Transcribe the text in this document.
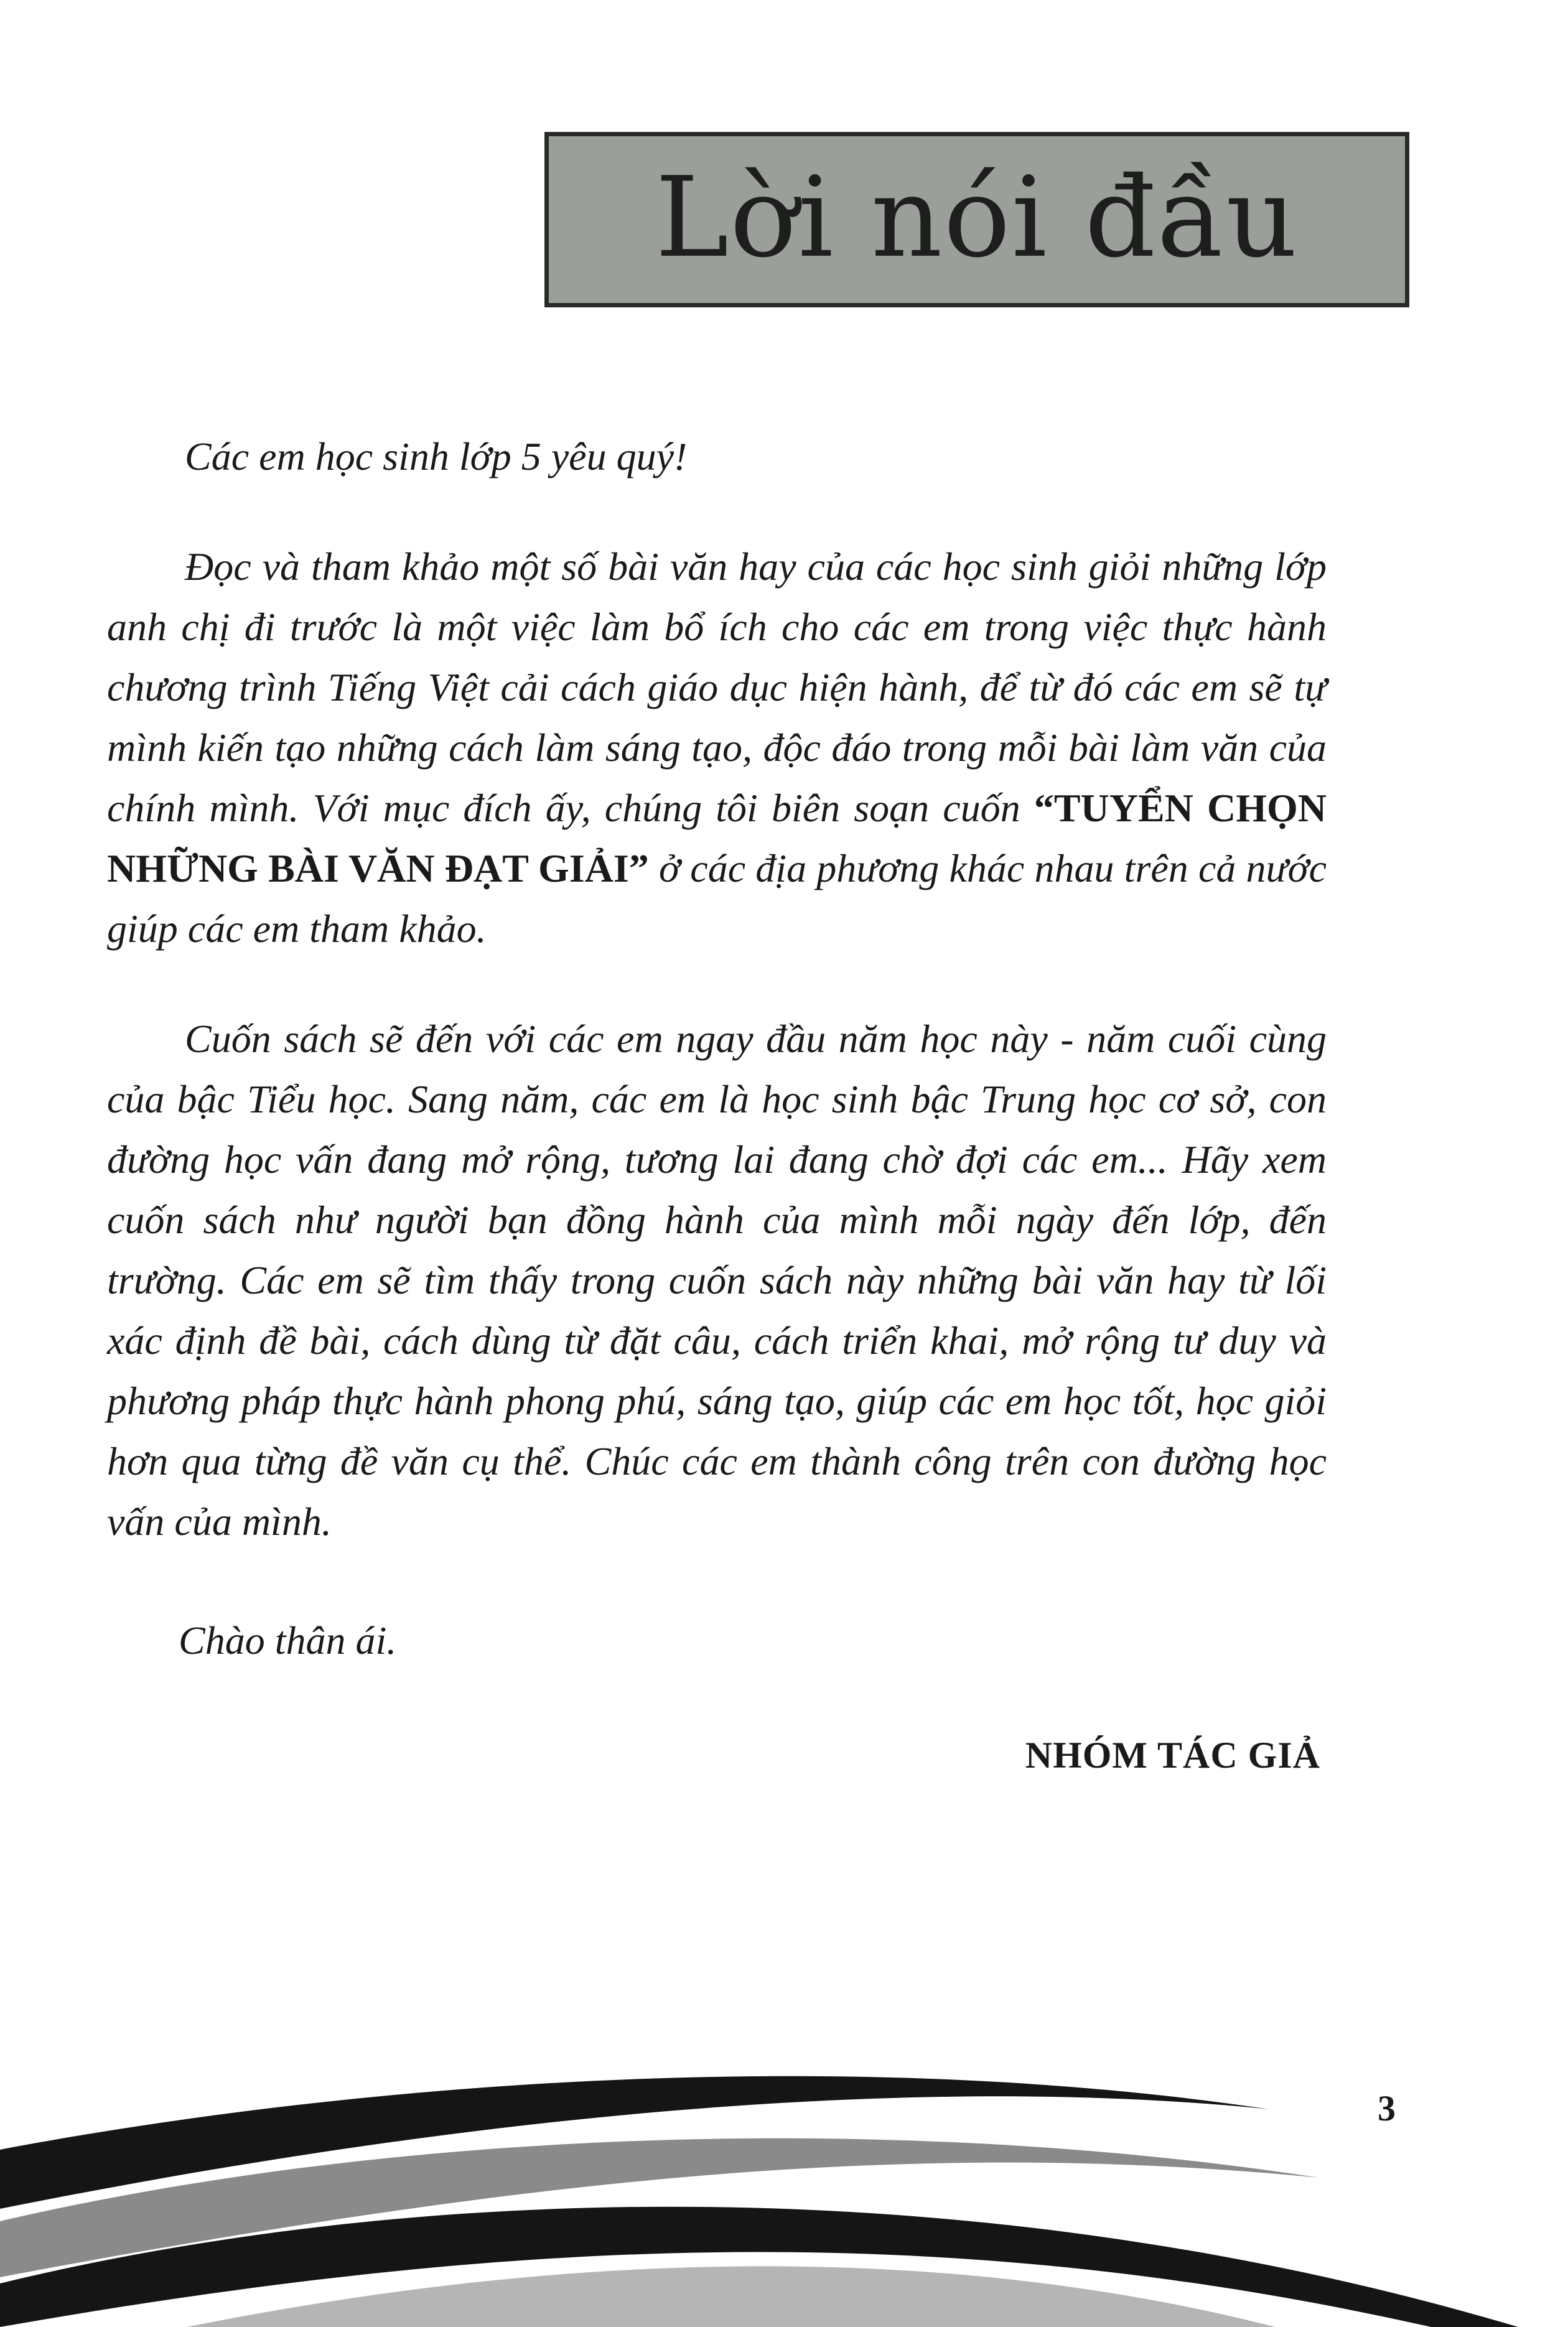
Lời nói đầu

Các em học sinh lớp 5 yêu quý!

Đọc và tham khảo một số bài văn hay của các học sinh giỏi những lớp anh chị đi trước là một việc làm bổ ích cho các em trong việc thực hành chương trình Tiếng Việt cải cách giáo dục hiện hành, để từ đó các em sẽ tự mình kiến tạo những cách làm sáng tạo, độc đáo trong mỗi bài làm văn của chính mình. Với mục đích ấy, chúng tôi biên soạn cuốn “TUYỂN CHỌN NHỮNG BÀI VĂN ĐẠT GIẢI” ở các địa phương khác nhau trên cả nước giúp các em tham khảo.

Cuốn sách sẽ đến với các em ngay đầu năm học này - năm cuối cùng của bậc Tiểu học. Sang năm, các em là học sinh bậc Trung học cơ sở, con đường học vấn đang mở rộng, tương lai đang chờ đợi các em... Hãy xem cuốn sách như người bạn đồng hành của mình mỗi ngày đến lớp, đến trường. Các em sẽ tìm thấy trong cuốn sách này những bài văn hay từ lối xác định đề bài, cách dùng từ đặt câu, cách triển khai, mở rộng tư duy và phương pháp thực hành phong phú, sáng tạo, giúp các em học tốt, học giỏi hơn qua từng đề văn cụ thể. Chúc các em thành công trên con đường học vấn của mình.

Chào thân ái.
NHÓM TÁC GIẢ
3
